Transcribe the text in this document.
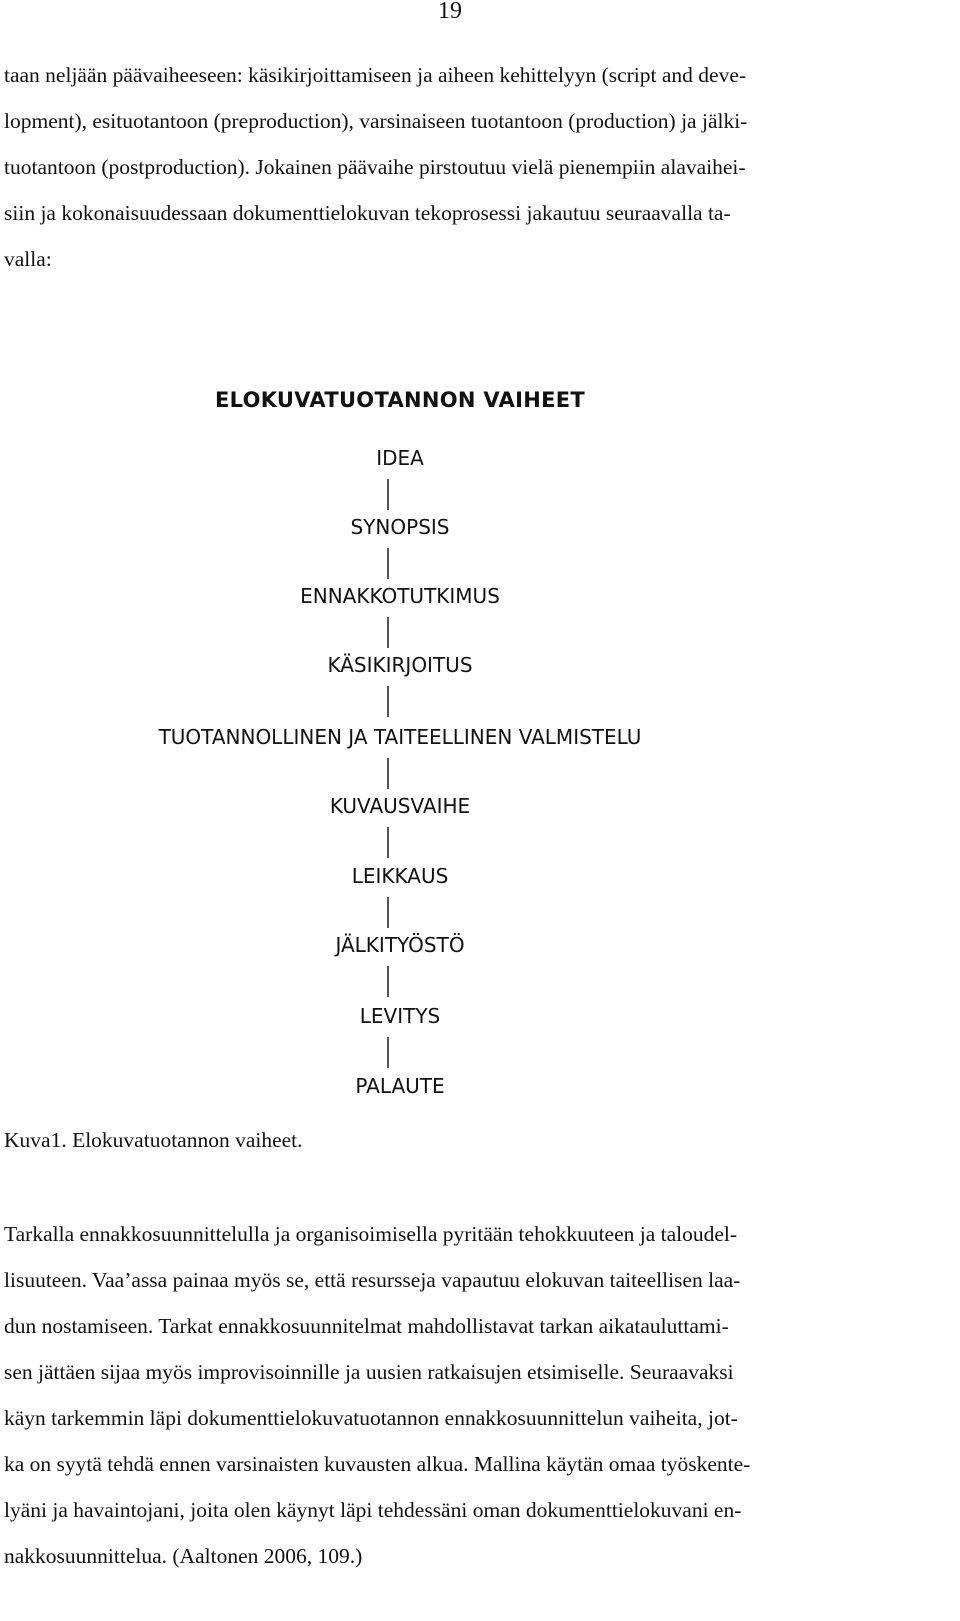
19

taan neljään päävaiheeseen: käsikirjoittamiseen ja aiheen kehittelyyn (script and deve-
lopment), esituotantoon (preproduction), varsinaiseen tuotantoon (production) ja jälki-
tuotantoon (postproduction). Jokainen päävaihe pirstoutuu vielä pienempiin alavaihei-
siin ja kokonaisuudessaan dokumenttielokuvan tekoprosessi jakautuu seuraavalla ta-
valla:

ELOKUVATUOTANNON VAIHEET
IDEA
SYNOPSIS
ENNAKKOTUTKIMUS
KÄSIKIRJOITUS
TUOTANNOLLINEN JA TAITEELLINEN VALMISTELU
KUVAUSVAIHE
LEIKKAUS
JÄLKITYÖSTÖ
LEVITYS
PALAUTE
Kuva1. Elokuvatuotannon vaiheet.

Tarkalla ennakkosuunnittelulla ja organisoimisella pyritään tehokkuuteen ja taloudel-
lisuuteen. Vaa’assa painaa myös se, että resursseja vapautuu elokuvan taiteellisen laa-
dun nostamiseen. Tarkat ennakkosuunnitelmat mahdollistavat tarkan aikatauluttami-
sen jättäen sijaa myös improvisoinnille ja uusien ratkaisujen etsimiselle. Seuraavaksi
käyn tarkemmin läpi dokumenttielokuvatuotannon ennakkosuunnittelun vaiheita, jot-
ka on syytä tehdä ennen varsinaisten kuvausten alkua. Mallina käytän omaa työskente-
lyäni ja havaintojani, joita olen käynyt läpi tehdessäni oman dokumenttielokuvani en-
nakkosuunnittelua. (Aaltonen 2006, 109.)
